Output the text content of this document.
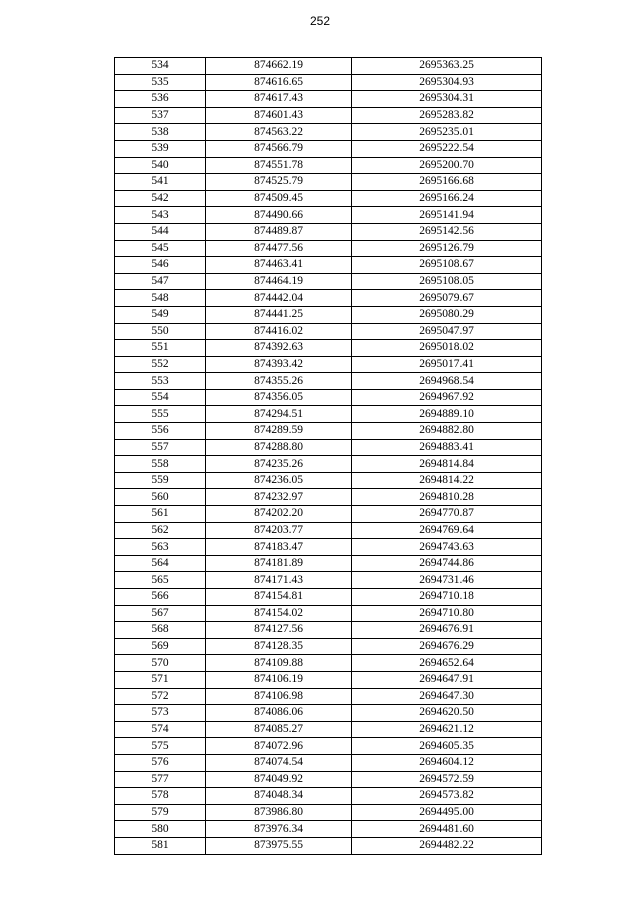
252
534	874662.19	2695363.25
535	874616.65	2695304.93
536	874617.43	2695304.31
537	874601.43	2695283.82
538	874563.22	2695235.01
539	874566.79	2695222.54
540	874551.78	2695200.70
541	874525.79	2695166.68
542	874509.45	2695166.24
543	874490.66	2695141.94
544	874489.87	2695142.56
545	874477.56	2695126.79
546	874463.41	2695108.67
547	874464.19	2695108.05
548	874442.04	2695079.67
549	874441.25	2695080.29
550	874416.02	2695047.97
551	874392.63	2695018.02
552	874393.42	2695017.41
553	874355.26	2694968.54
554	874356.05	2694967.92
555	874294.51	2694889.10
556	874289.59	2694882.80
557	874288.80	2694883.41
558	874235.26	2694814.84
559	874236.05	2694814.22
560	874232.97	2694810.28
561	874202.20	2694770.87
562	874203.77	2694769.64
563	874183.47	2694743.63
564	874181.89	2694744.86
565	874171.43	2694731.46
566	874154.81	2694710.18
567	874154.02	2694710.80
568	874127.56	2694676.91
569	874128.35	2694676.29
570	874109.88	2694652.64
571	874106.19	2694647.91
572	874106.98	2694647.30
573	874086.06	2694620.50
574	874085.27	2694621.12
575	874072.96	2694605.35
576	874074.54	2694604.12
577	874049.92	2694572.59
578	874048.34	2694573.82
579	873986.80	2694495.00
580	873976.34	2694481.60
581	873975.55	2694482.22
